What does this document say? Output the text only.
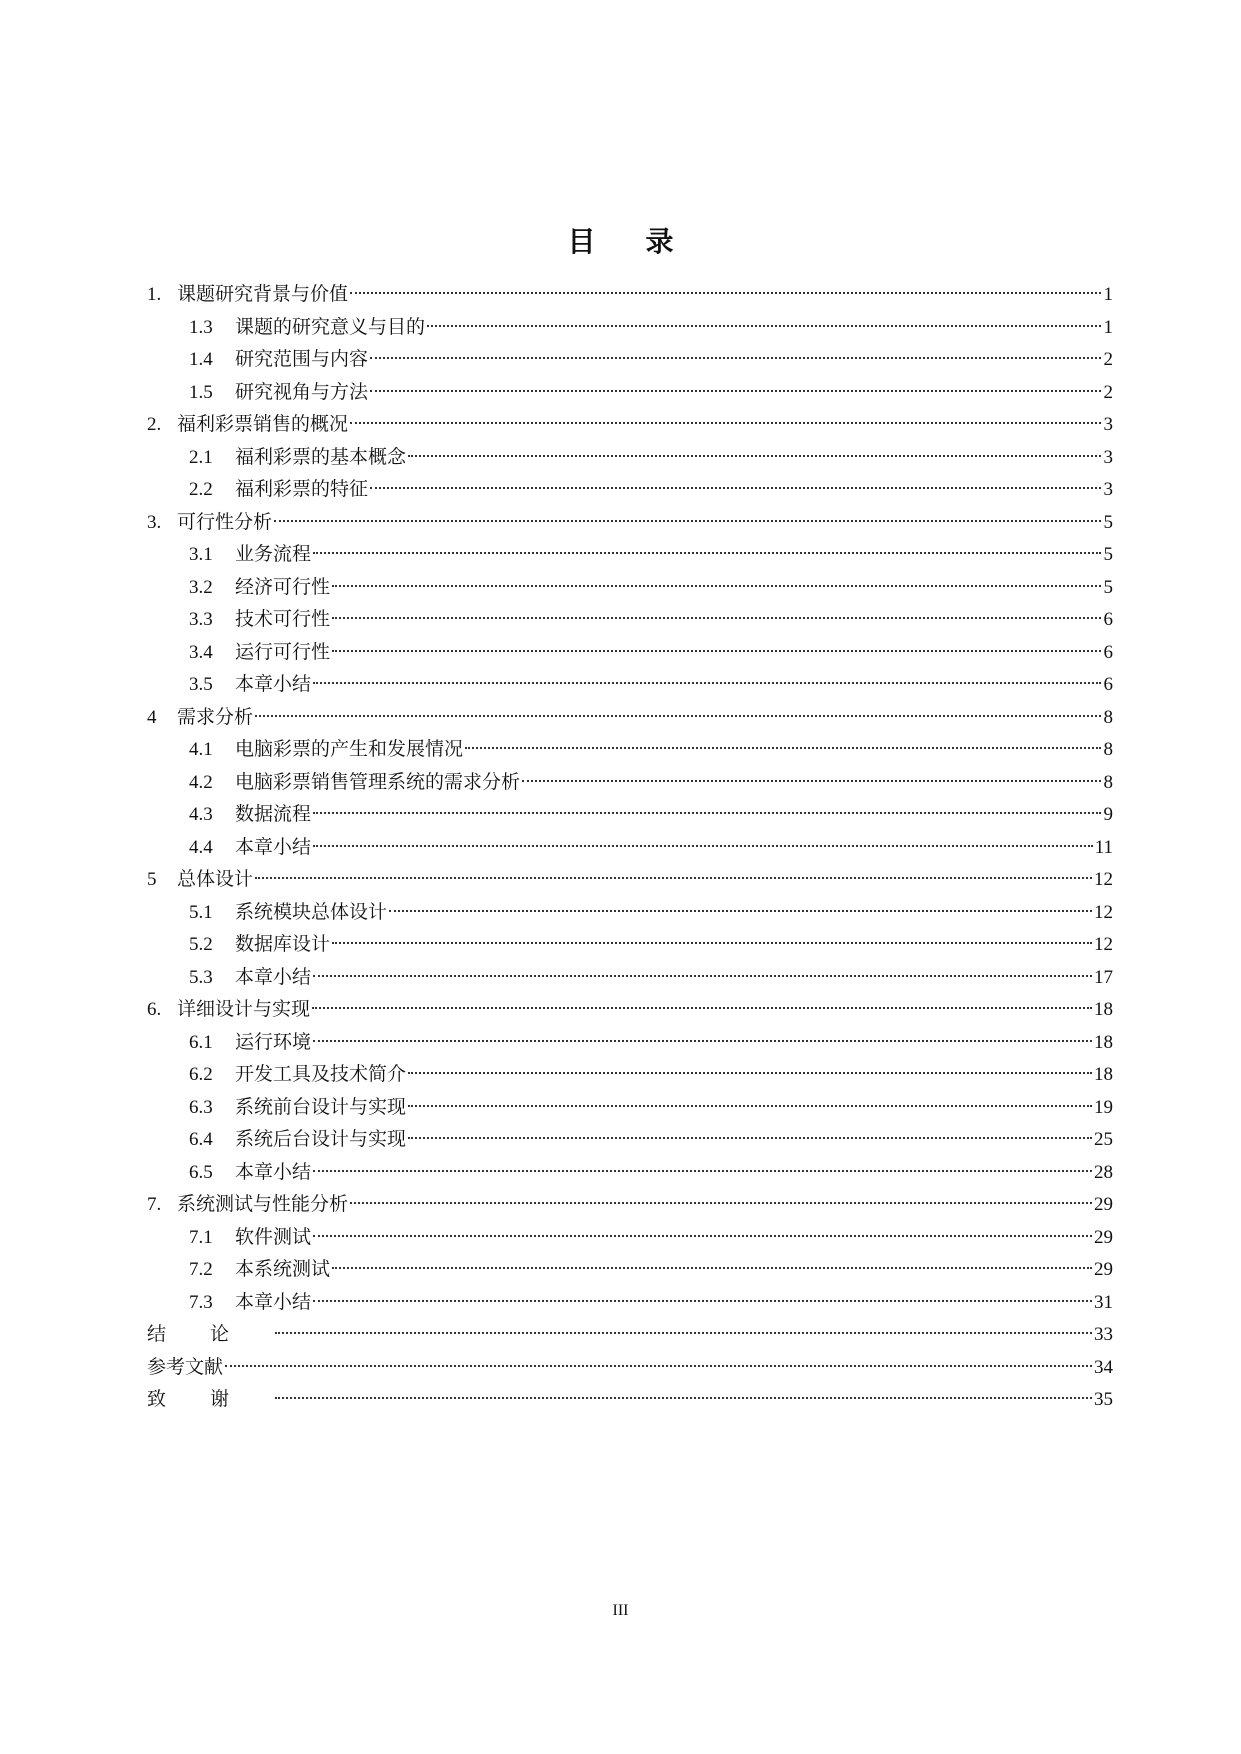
目 录
1. 课题研究背景与价值	1
1.3	课题的研究意义与目的	1
1.4	研究范围与内容	2
1.5	研究视角与方法	2
2. 福利彩票销售的概况	3
2.1	福利彩票的基本概念	3
2.2	福利彩票的特征	3
3. 可行性分析	5
3.1	业务流程	5
3.2	经济可行性	5
3.3	技术可行性	6
3.4	运行可行性	6
3.5	本章小结	6
4	需求分析	8
4.1	电脑彩票的产生和发展情况	8
4.2	电脑彩票销售管理系统的需求分析	8
4.3	数据流程	9
4.4	本章小结	11
5	总体设计	12
5.1	系统模块总体设计	12
5.2	数据库设计	12
5.3	本章小结	17
6. 详细设计与实现	18
6.1	运行环境	18
6.2	开发工具及技术简介	18
6.3	系统前台设计与实现	19
6.4	系统后台设计与实现	25
6.5	本章小结	28
7. 系统测试与性能分析	29
7.1	软件测试	29
7.2	本系统测试	29
7.3	本章小结	31
结论	33
参考文献	34
致谢	35
III
